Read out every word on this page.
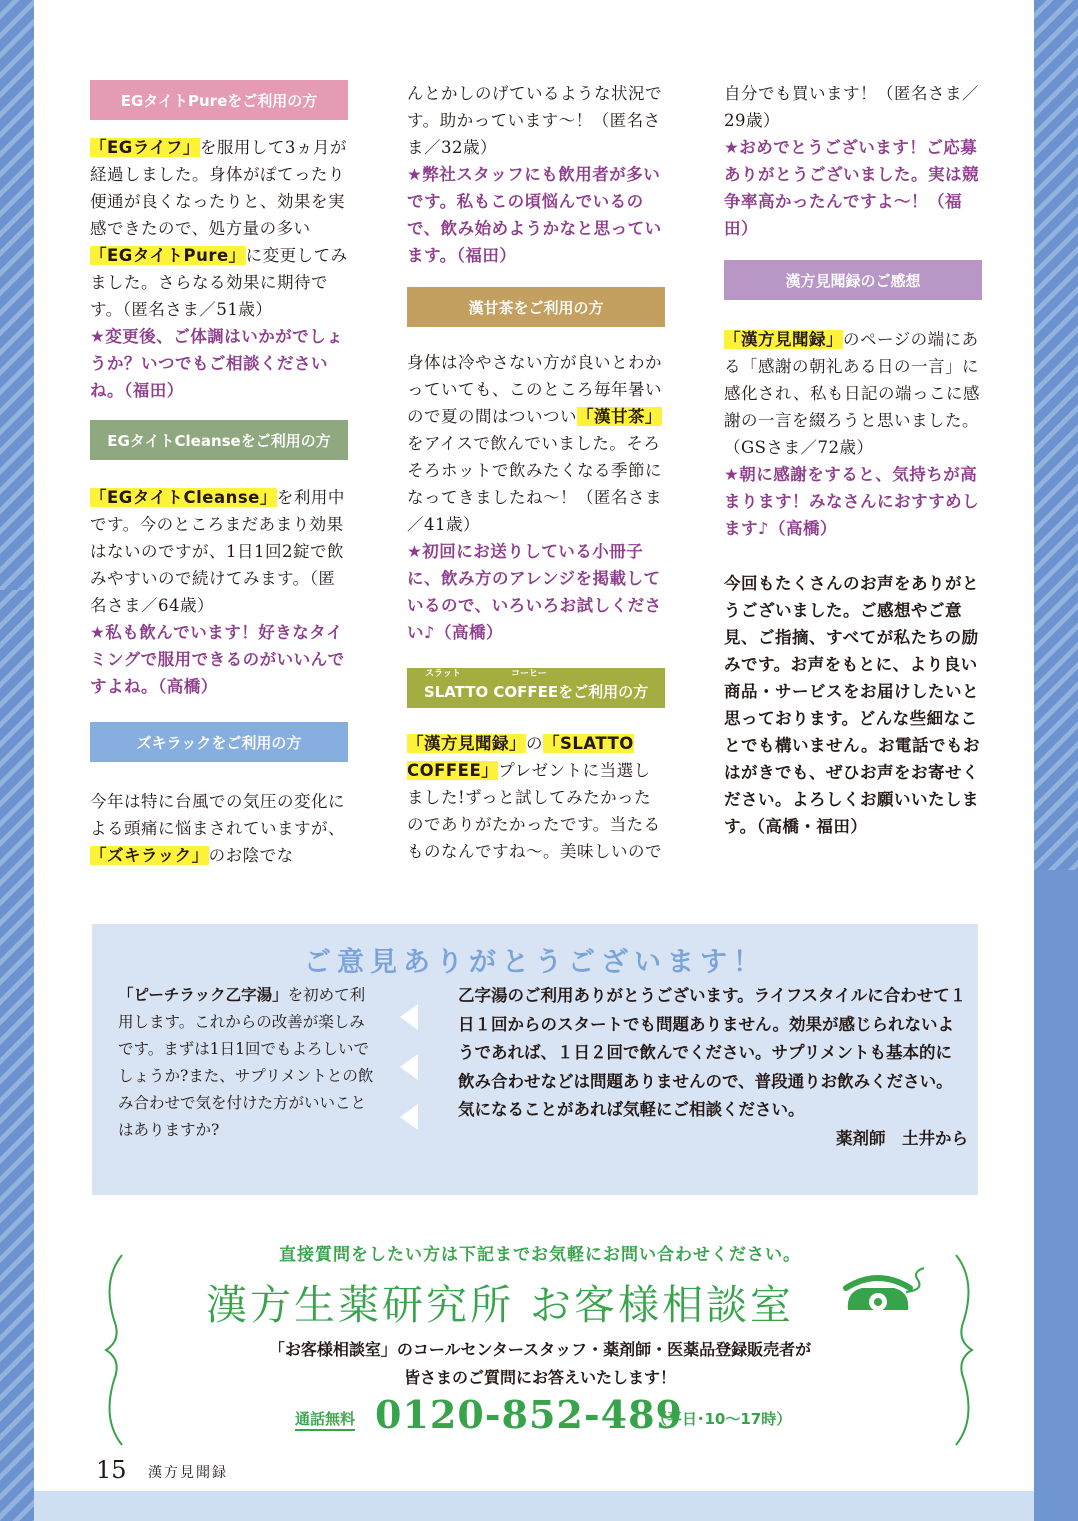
EGタイトPureをご利用の方

「EGライフ」を服用して3ヵ月が経過しました。身体がぽてったり便通が良くなったりと、効果を実感できたので、処方量の多い「EGタイトPure」に変更してみました。さらなる効果に期待です。（匿名さま／51歳）

★変更後、ご体調はいかがでしょうか？いつでもご相談くださいね。（福田）

EGタイトCleanseをご利用の方

「EGタイトCleanse」を利用中です。今のところまだあまり効果はないのですが、1日1回2錠で飲みやすいので続けてみます。（匿名さま／64歳）

★私も飲んでいます！好きなタイミングで服用できるのがいいんですよね。（高橋）

ズキラックをご利用の方

今年は特に台風での気圧の変化による頭痛に悩まされていますが、「ズキラック」のお陰でな

んとかしのげているような状況です。助かっています〜！（匿名さま／32歳）

★弊社スタッフにも飲用者が多いです。私もこの頃悩んでいるので、飲み始めようかなと思っています。（福田）

漢甘茶をご利用の方

身体は冷やさない方が良いとわかっていても、このところ毎年暑いので夏の間はついつい「漢甘茶」をアイスで飲んでいました。そろそろホットで飲みたくなる季節になってきましたね〜！（匿名さま／41歳）

★初回にお送りしている小冊子に、飲み方のアレンジを掲載しているので、いろいろお試しください♪（高橋）

スラット	コーヒー
SLATTO COFFEEをご利用の方

「漢方見聞録」の「SLATTO COFFEE」プレゼントに当選しました!ずっと試してみたかったのでありがたかったです。当たるものなんですね〜。美味しいので

自分でも買います！（匿名さま／29歳）

★おめでとうございます！ご応募ありがとうございました。実は競争率高かったんですよ〜！（福田）

漢方見聞録のご感想

「漢方見聞録」のページの端にある「感謝の朝礼ある日の一言」に感化され、私も日記の端っこに感謝の一言を綴ろうと思いました。（GSさま／72歳）

★朝に感謝をすると、気持ちが高まります！みなさんにおすすめします♪（高橋）

今回もたくさんのお声をありがとうございました。ご感想やご意見、ご指摘、すべてが私たちの励みです。お声をもとに、より良い商品・サービスをお届けしたいと思っております。どんな些細なことでも構いません。お電話でもおはがきでも、ぜひお声をお寄せください。よろしくお願いいたします。（高橋・福田）

ご意見ありがとうございます！

「ピーチラック乙字湯」を初めて利用します。これからの改善が楽しみです。まずは1日1回でもよろしいでしょうか?また、サプリメントとの飲み合わせで気を付けた方がいいことはありますか?

乙字湯のご利用ありがとうございます。ライフスタイルに合わせて１日１回からのスタートでも問題ありません。効果が感じられないようであれば、１日２回で飲んでください。サプリメントも基本的に飲み合わせなどは問題ありませんので、普段通りお飲みください。気になることがあれば気軽にご相談ください。

薬剤師　土井から

直接質問をしたい方は下記までお気軽にお問い合わせください。
漢方生薬研究所 お客様相談室

「お客様相談室」のコールセンタースタッフ・薬剤師・医薬品登録販売者が

皆さまのご質問にお答えいたします！

通話無料 0120-852-489
（平日･10〜17時）
15 漢方見聞録
